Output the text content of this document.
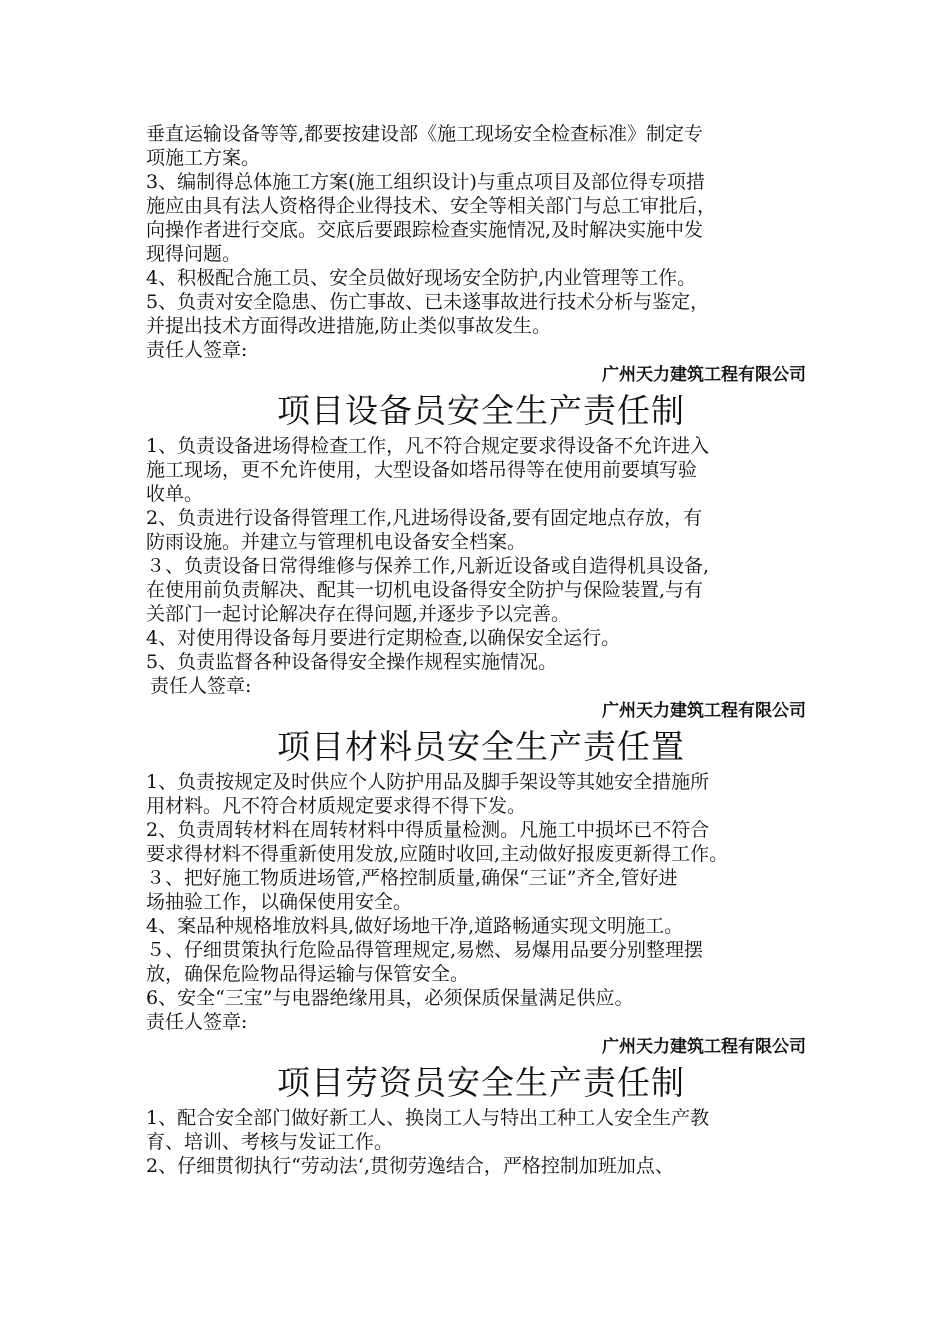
垂直运输设备等等,都要按建设部《施工现场安全检查标准》制定专
项施工方案。
3、编制得总体施工方案(施工组织设计)与重点项目及部位得专项措
施应由具有法人资格得企业得技术、安全等相关部门与总工审批后，
向操作者进行交底。交底后要跟踪检查实施情况,及时解决实施中发
现得问题。
4、积极配合施工员、安全员做好现场安全防护,内业管理等工作。
5、负责对安全隐患、伤亡事故、已未遂事故进行技术分析与鉴定，
并提出技术方面得改进措施,防止类似事故发生。
责任人签章:
广州天力建筑工程有限公司
项目设备员安全生产责任制
1、负责设备进场得检查工作，凡不符合规定要求得设备不允许进入
施工现场，更不允许使用，大型设备如塔吊得等在使用前要填写验
收单。
2、负责进行设备得管理工作,凡进场得设备,要有固定地点存放，有
防雨设施。并建立与管理机电设备安全档案。
３、负责设备日常得维修与保养工作,凡新近设备或自造得机具设备,
在使用前负责解决、配其一切机电设备得安全防护与保险装置,与有
关部门一起讨论解决存在得问题,并逐步予以完善。
4、对使用得设备每月要进行定期检查,以确保安全运行。
5、负责监督各种设备得安全操作规程实施情况。
责任人签章:
广州天力建筑工程有限公司
项目材料员安全生产责任置
1、负责按规定及时供应个人防护用品及脚手架设等其她安全措施所
用材料。凡不符合材质规定要求得不得下发。
2、负责周转材料在周转材料中得质量检测。凡施工中损坏已不符合
要求得材料不得重新使用发放,应随时收回,主动做好报废更新得工作。
３、把好施工物质进场管,严格控制质量,确保“三证”齐全,管好进
场抽验工作，以确保使用安全。
4、案品种规格堆放料具,做好场地干净,道路畅通实现文明施工。
５、仔细贯策执行危险品得管理规定,易燃、易爆用品要分别整理摆
放，确保危险物品得运输与保管安全。
6、安全“三宝”与电器绝缘用具，必须保质保量满足供应。
责任人签章:
广州天力建筑工程有限公司
项目劳资员安全生产责任制
1、配合安全部门做好新工人、换岗工人与特出工种工人安全生产教
育、培训、考核与发证工作。
2、仔细贯彻执行“劳动法‘,贯彻劳逸结合，严格控制加班加点、
